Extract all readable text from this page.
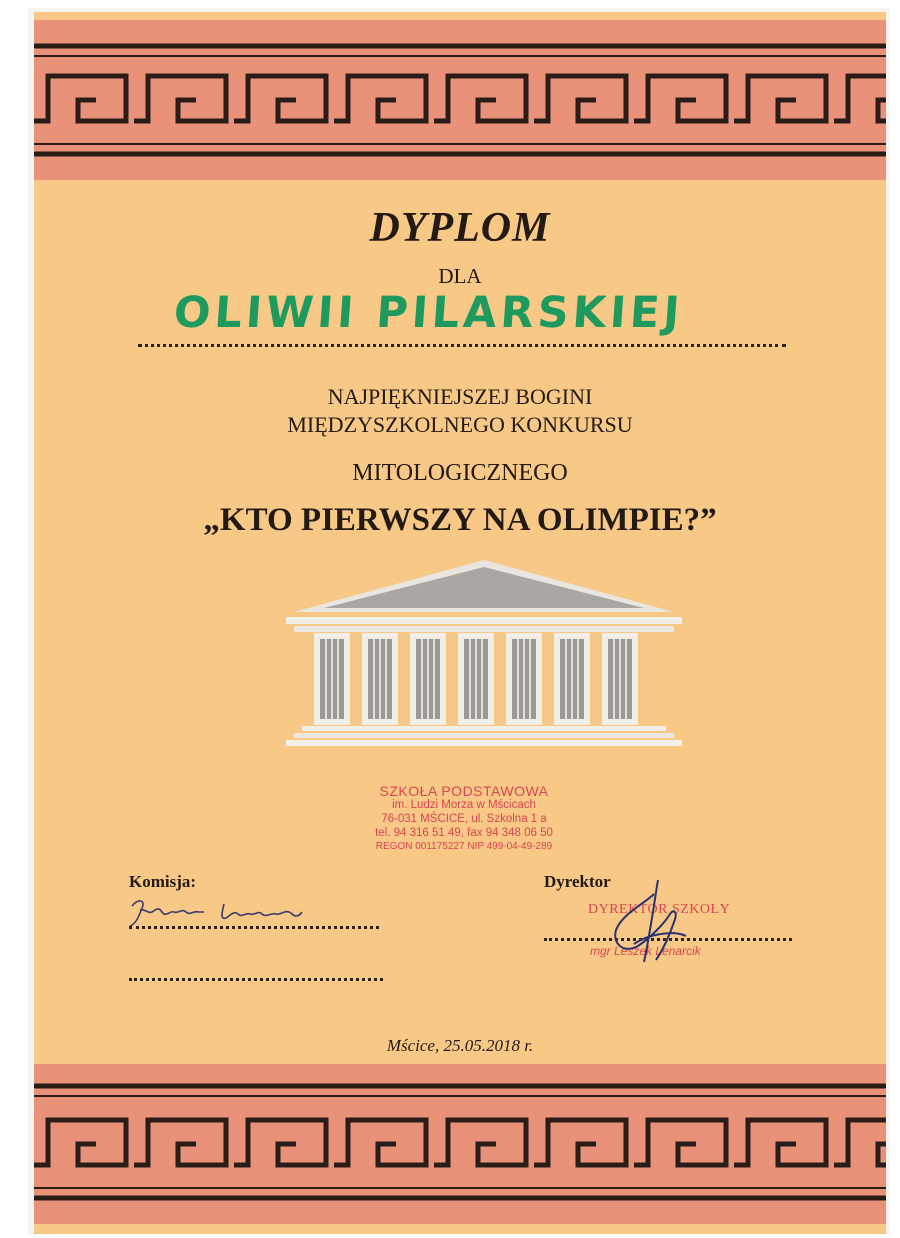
DYPLOM
DLA
OLIWII PILARSKIEJ
NAJPIĘKNIEJSZEJ BOGINI
MIĘDZYSZKOLNEGO KONKURSU
MITOLOGICZNEGO
„KTO PIERWSZY NA OLIMPIE?”
SZKOŁA PODSTAWOWA
im. Ludzi Morza w Mścicach
76-031 MŚCICE, ul. Szkolna 1 a
tel. 94 316 51 49, fax 94 348 06 50
REGON 001175227 NIP 499-04-49-289
Komisja:	Dyrektor
DYREKTOR SZKOŁY
mgr Leszek Lenarcik
Mścice, 25.05.2018 r.
